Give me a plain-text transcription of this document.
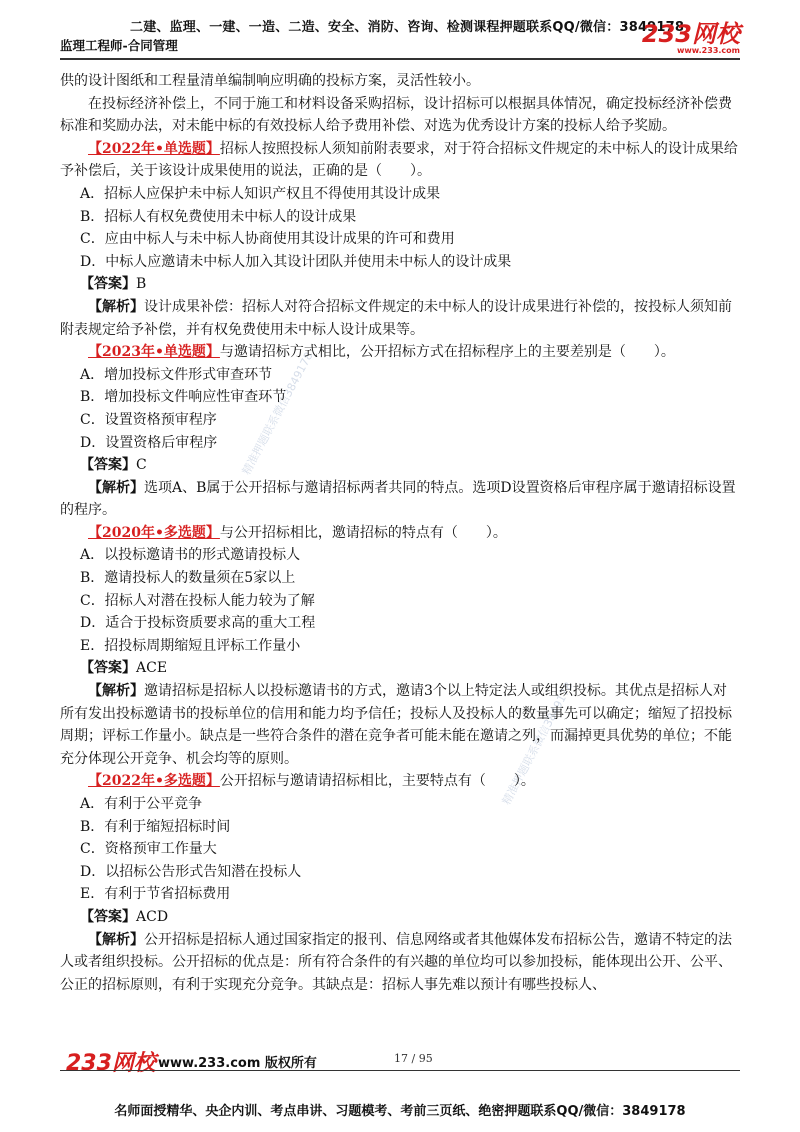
二建、监理、一建、一造、二造、安全、消防、咨询、检测课程押题联系QQ/微信：3849178
监理工程师-合同管理	233网校
www.233.com
精准押题联系微信3849178
精准押题联系微信3849178

供的设计图纸和工程量清单编制响应明确的投标方案，灵活性较小。

在投标经济补偿上，不同于施工和材料设备采购招标，设计招标可以根据具体情况，确定投标经济补偿费标准和奖励办法，对未能中标的有效投标人给予费用补偿、对选为优秀设计方案的投标人给予奖励。

【2022年•单选题】招标人按照投标人须知前附表要求，对于符合招标文件规定的未中标人的设计成果给予补偿后，关于该设计成果使用的说法，正确的是（　　）。

A．招标人应保护未中标人知识产权且不得使用其设计成果

B．招标人有权免费使用未中标人的设计成果

C．应由中标人与未中标人协商使用其设计成果的许可和费用

D．中标人应邀请未中标人加入其设计团队并使用未中标人的设计成果

【答案】B

【解析】设计成果补偿：招标人对符合招标文件规定的未中标人的设计成果进行补偿的，按投标人须知前附表规定给予补偿，并有权免费使用未中标人设计成果等。

【2023年•单选题】与邀请招标方式相比，公开招标方式在招标程序上的主要差别是（　　）。

A．增加投标文件形式审查环节

B．增加投标文件响应性审查环节

C．设置资格预审程序

D．设置资格后审程序

【答案】C

【解析】选项A、B属于公开招标与邀请招标两者共同的特点。选项D设置资格后审程序属于邀请招标设置的程序。

【2020年•多选题】与公开招标相比，邀请招标的特点有（　　）。

A．以投标邀请书的形式邀请投标人

B．邀请投标人的数量须在5家以上

C．招标人对潜在投标人能力较为了解

D．适合于投标资质要求高的重大工程

E．招投标周期缩短且评标工作量小

【答案】ACE

【解析】邀请招标是招标人以投标邀请书的方式，邀请3个以上特定法人或组织投标。其优点是招标人对所有发出投标邀请书的投标单位的信用和能力均予信任；投标人及投标人的数量事先可以确定；缩短了招投标周期；评标工作量小。缺点是一些符合条件的潜在竞争者可能未能在邀请之列，而漏掉更具优势的单位；不能充分体现公开竞争、机会均等的原则。

【2022年•多选题】公开招标与邀请请招标相比，主要特点有（　　）。

A．有利于公平竞争

B．有利于缩短招标时间

C．资格预审工作量大

D．以招标公告形式告知潜在投标人

E．有利于节省招标费用

【答案】ACD

【解析】公开招标是招标人通过国家指定的报刊、信息网络或者其他媒体发布招标公告，邀请不特定的法人或者组织投标。公开招标的优点是：所有符合条件的有兴趣的单位均可以参加投标，能体现出公开、公平、公正的招标原则，有利于实现充分竞争。其缺点是：招标人事先难以预计有哪些投标人、

233网校 www.233.com 版权所有	17 / 95
名师面授精华、央企内训、考点串讲、习题模考、考前三页纸、绝密押题联系QQ/微信：3849178
